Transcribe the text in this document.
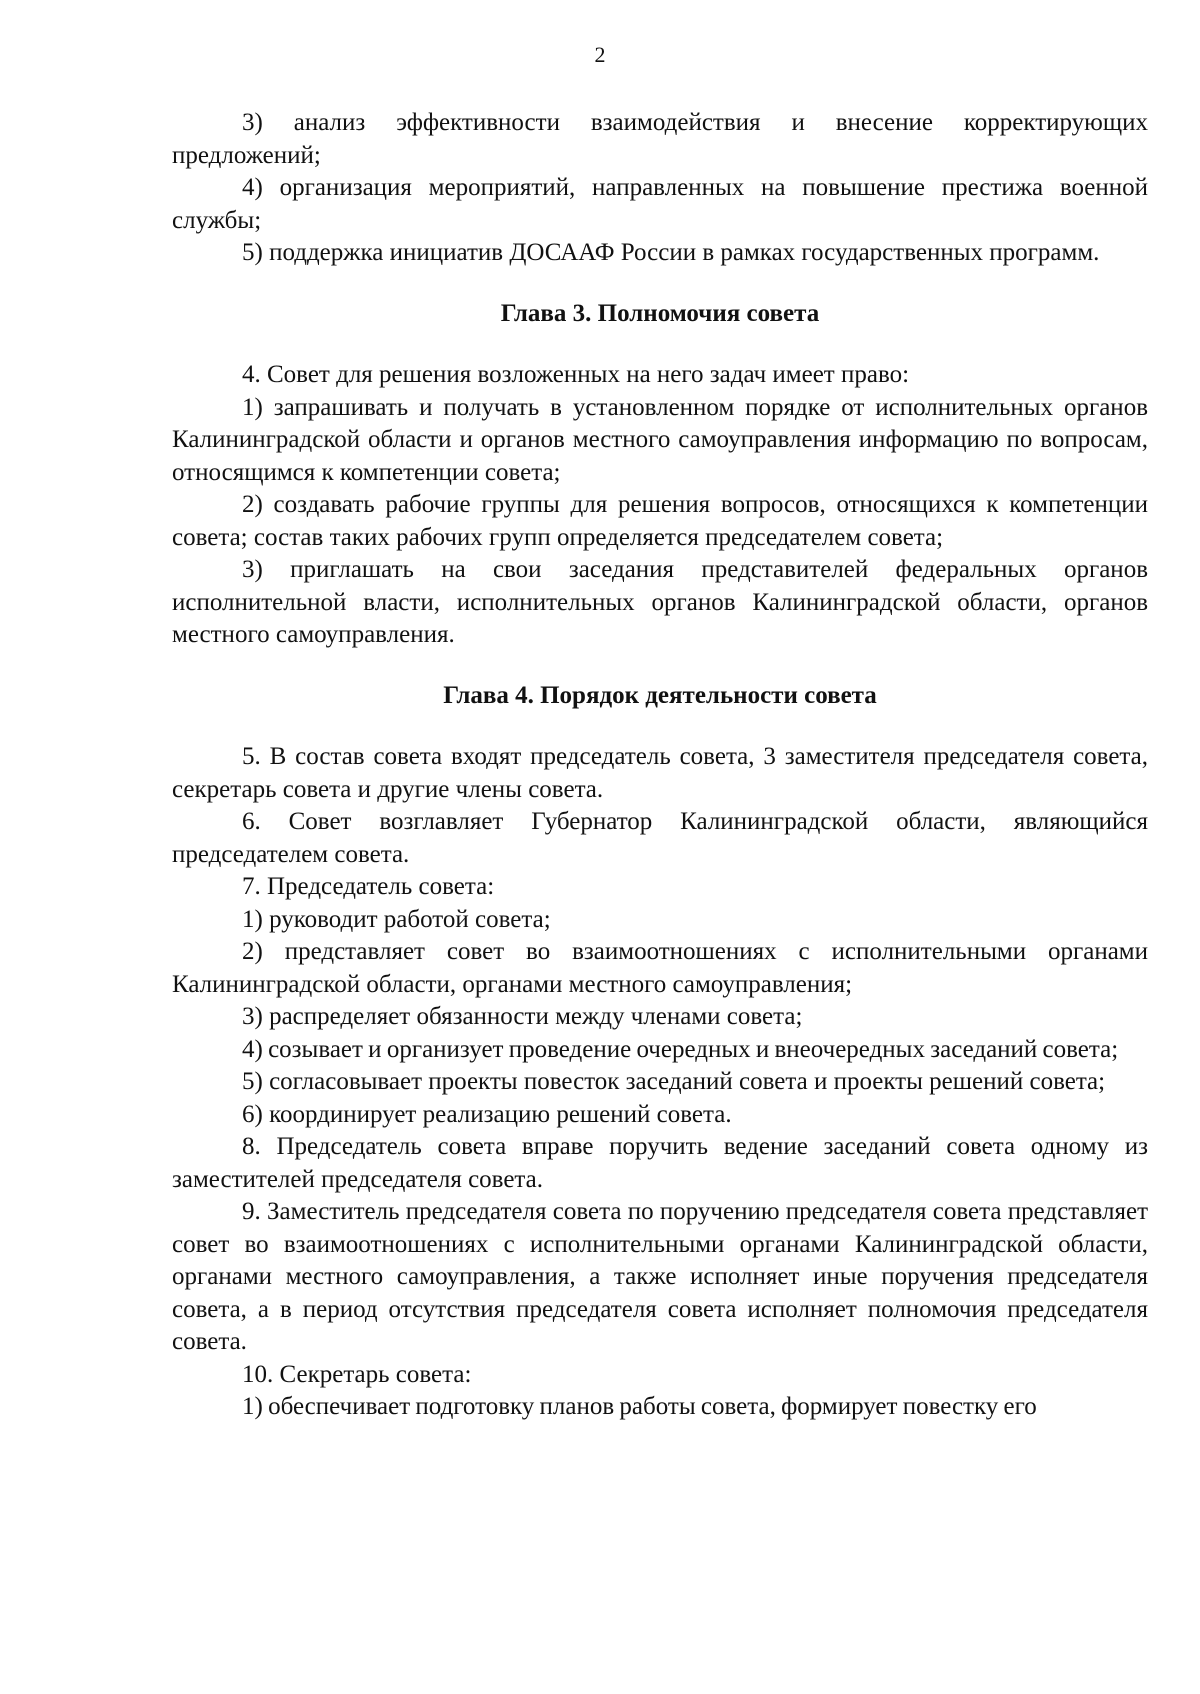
2

3) анализ эффективности взаимодействия и внесение корректирующих предложений;

4) организация мероприятий, направленных на повышение престижа военной службы;

5) поддержка инициатив ДОСААФ России в рамках государственных программ.

Глава 3. Полномочия совета

4. Совет для решения возложенных на него задач имеет право:

1) запрашивать и получать в установленном порядке от исполнительных органов Калининградской области и органов местного самоуправления информацию по вопросам, относящимся к компетенции совета;

2) создавать рабочие группы для решения вопросов, относящихся к компетенции совета; состав таких рабочих групп определяется председателем совета;

3) приглашать на свои заседания представителей федеральных органов исполнительной власти, исполнительных органов Калининградской области, органов местного самоуправления.

Глава 4. Порядок деятельности совета

5. В состав совета входят председатель совета, 3 заместителя председателя совета, секретарь совета и другие члены совета.

6. Совет возглавляет Губернатор Калининградской области, являющийся председателем совета.

7. Председатель совета:

1) руководит работой совета;

2) представляет совет во взаимоотношениях с исполнительными органами Калининградской области, органами местного самоуправления;

3) распределяет обязанности между членами совета;

4) созывает и организует проведение очередных и внеочередных заседаний совета;

5) согласовывает проекты повесток заседаний совета и проекты решений совета;

6) координирует реализацию решений совета.

8. Председатель совета вправе поручить ведение заседаний совета одному из заместителей председателя совета.

9. Заместитель председателя совета по поручению председателя совета представляет совет во взаимоотношениях с исполнительными органами Калининградской области, органами местного самоуправления, а также исполняет иные поручения председателя совета, а в период отсутствия председателя совета исполняет полномочия председателя совета.

10. Секретарь совета:

1) обеспечивает подготовку планов работы совета, формирует повестку его
